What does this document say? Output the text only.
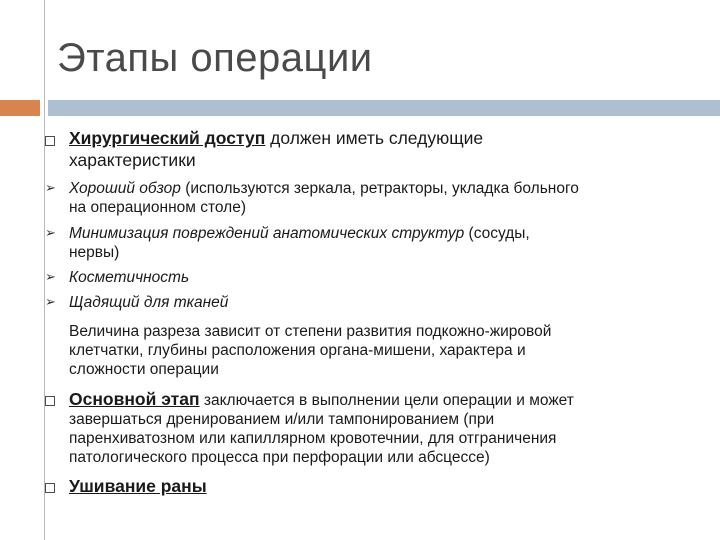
Этапы операции
Хирургический доступ должен иметь следующие
характеристики
➢ Хороший обзор (используются зеркала, ретракторы, укладка больного
на операционном столе)
➢ Минимизация повреждений анатомических структур (сосуды,
нервы)
➢ Косметичность
➢ Щадящий для тканей
Величина разреза зависит от степени развития подкожно-жировой
клетчатки, глубины расположения органа-мишени, характера и
сложности операции
Основной этап заключается в выполнении цели операции и может
завершаться дренированием и/или тампонированием (при
паренхиватозном или капиллярном кровотечнии, для отграничения
патологического процесса при перфорации или абсцессе)
Ушивание раны
